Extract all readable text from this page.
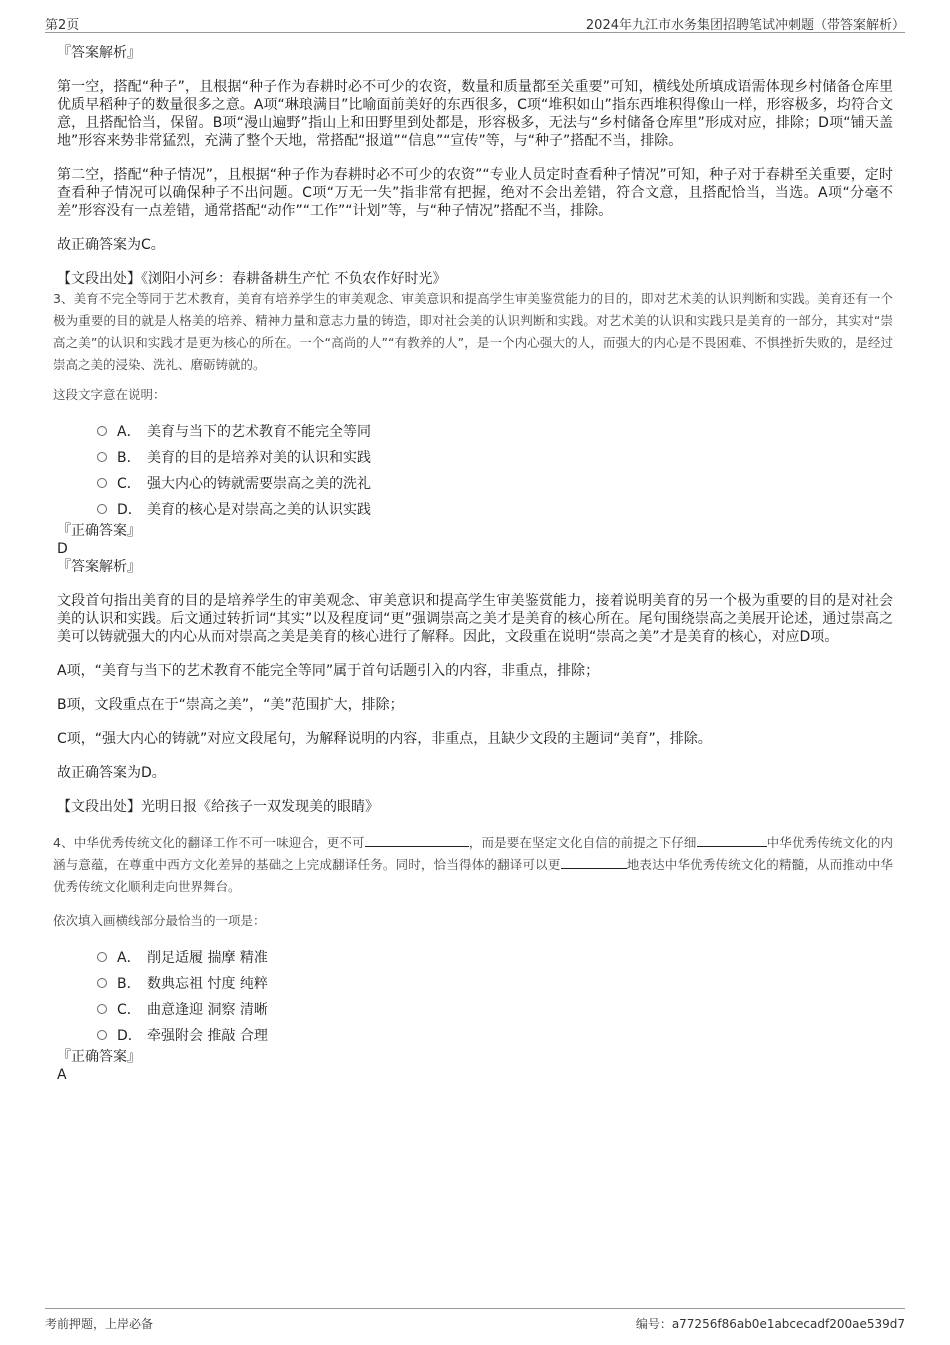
第2页	2024年九江市水务集团招聘笔试冲刺题（带答案解析）

『答案解析』

第一空，搭配“种子”，且根据“种子作为春耕时必不可少的农资，数量和质量都至关重要”可知，横线处所填成语需体现乡村储备仓库里优质早稻种子的数量很多之意。A项“琳琅满目”比喻面前美好的东西很多，C项“堆积如山”指东西堆积得像山一样，形容极多，均符合文意，且搭配恰当，保留。B项“漫山遍野”指山上和田野里到处都是，形容极多，无法与“乡村储备仓库里”形成对应，排除；D项“铺天盖地”形容来势非常猛烈，充满了整个天地，常搭配“报道”“信息”“宣传”等，与“种子”搭配不当，排除。

第二空，搭配“种子情况”，且根据“种子作为春耕时必不可少的农资”“专业人员定时查看种子情况”可知，种子对于春耕至关重要，定时查看种子情况可以确保种子不出问题。C项“万无一失”指非常有把握，绝对不会出差错，符合文意，且搭配恰当，当选。A项“分毫不差”形容没有一点差错，通常搭配“动作”“工作”“计划”等，与“种子情况”搭配不当，排除。

故正确答案为C。

【文段出处】《浏阳小河乡：春耕备耕生产忙 不负农作好时光》

3、美育不完全等同于艺术教育，美育有培养学生的审美观念、审美意识和提高学生审美鉴赏能力的目的，即对艺术美的认识判断和实践。美育还有一个极为重要的目的就是人格美的培养、精神力量和意志力量的铸造，即对社会美的认识判断和实践。对艺术美的认识和实践只是美育的一部分，其实对“崇高之美”的认识和实践才是更为核心的所在。一个“高尚的人”“有教养的人”，是一个内心强大的人，而强大的内心是不畏困难、不惧挫折失败的，是经过崇高之美的浸染、洗礼、磨砺铸就的。

这段文字意在说明：

A． 美育与当下的艺术教育不能完全等同
B． 美育的目的是培养对美的认识和实践
C． 强大内心的铸就需要崇高之美的洗礼
D． 美育的核心是对崇高之美的认识实践

『正确答案』

D

『答案解析』

文段首句指出美育的目的是培养学生的审美观念、审美意识和提高学生审美鉴赏能力，接着说明美育的另一个极为重要的目的是对社会美的认识和实践。后文通过转折词“其实”以及程度词“更”强调崇高之美才是美育的核心所在。尾句围绕崇高之美展开论述，通过崇高之美可以铸就强大的内心从而对崇高之美是美育的核心进行了解释。因此，文段重在说明“崇高之美”才是美育的核心，对应D项。

A项，“美育与当下的艺术教育不能完全等同”属于首句话题引入的内容，非重点，排除；

B项，文段重点在于“崇高之美”，“美”范围扩大，排除；

C项，“强大内心的铸就”对应文段尾句，为解释说明的内容，非重点，且缺少文段的主题词“美育”，排除。

故正确答案为D。

【文段出处】光明日报《给孩子一双发现美的眼睛》

4、中华优秀传统文化的翻译工作不可一味迎合，更不可	，而是要在坚定文化自信的前提之下仔细	中华优秀传统文化的内涵与意蕴，在尊重中西方文化差异的基础之上完成翻译任务。同时，恰当得体的翻译可以更	地表达中华优秀传统文化的精髓，从而推动中华优秀传统文化顺利走向世界舞台。

依次填入画横线部分最恰当的一项是：

A． 削足适履 揣摩 精准
B． 数典忘祖 忖度 纯粹
C． 曲意逢迎 洞察 清晰
D． 牵强附会 推敲 合理

『正确答案』

A

考前押题，上岸必备	编号：a77256f86ab0e1abcecadf200ae539d7
